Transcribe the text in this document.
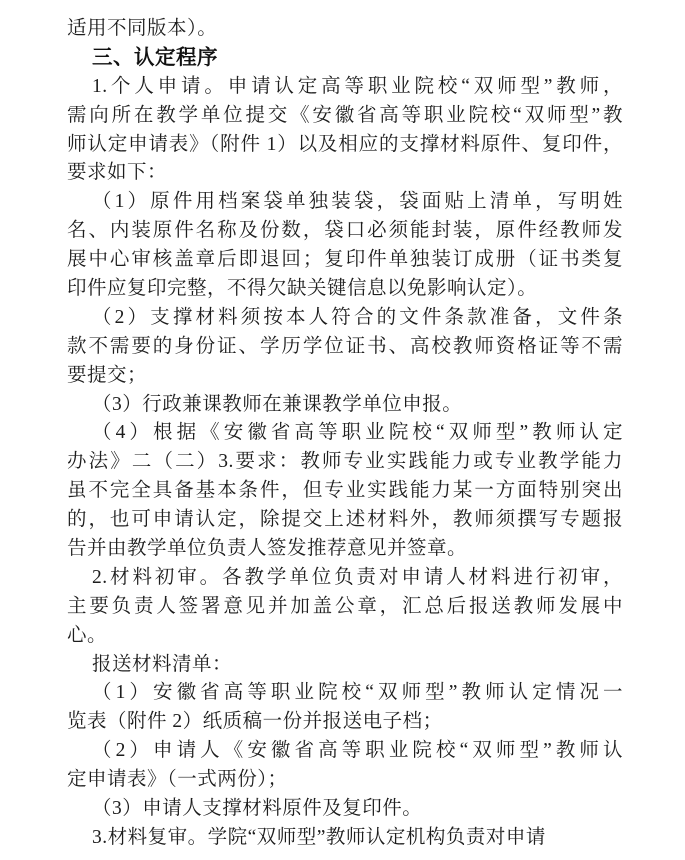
适用不同版本）。
三、认定程序
1.个人申请。申请认定高等职业院校“双师型”教师，
需向所在教学单位提交《安徽省高等职业院校“双师型”教
师认定申请表》（附件 1）以及相应的支撑材料原件、复印件，
要求如下：
（1）原件用档案袋单独装袋，袋面贴上清单，写明姓
名、内装原件名称及份数，袋口必须能封装，原件经教师发
展中心审核盖章后即退回；复印件单独装订成册（证书类复
印件应复印完整，不得欠缺关键信息以免影响认定）。
（2）支撑材料须按本人符合的文件条款准备，文件条
款不需要的身份证、学历学位证书、高校教师资格证等不需
要提交；
（3）行政兼课教师在兼课教学单位申报。
（4）根据《安徽省高等职业院校“双师型”教师认定
办法》二（二）3.要求：教师专业实践能力或专业教学能力
虽不完全具备基本条件，但专业实践能力某一方面特别突出
的，也可申请认定，除提交上述材料外，教师须撰写专题报
告并由教学单位负责人签发推荐意见并签章。
2.材料初审。各教学单位负责对申请人材料进行初审，
主要负责人签署意见并加盖公章，汇总后报送教师发展中
心。
报送材料清单：
（1）安徽省高等职业院校“双师型”教师认定情况一
览表（附件 2）纸质稿一份并报送电子档；
（2）申请人《安徽省高等职业院校“双师型”教师认
定申请表》（一式两份）；
（3）申请人支撑材料原件及复印件。
3.材料复审。学院“双师型”教师认定机构负责对申请
